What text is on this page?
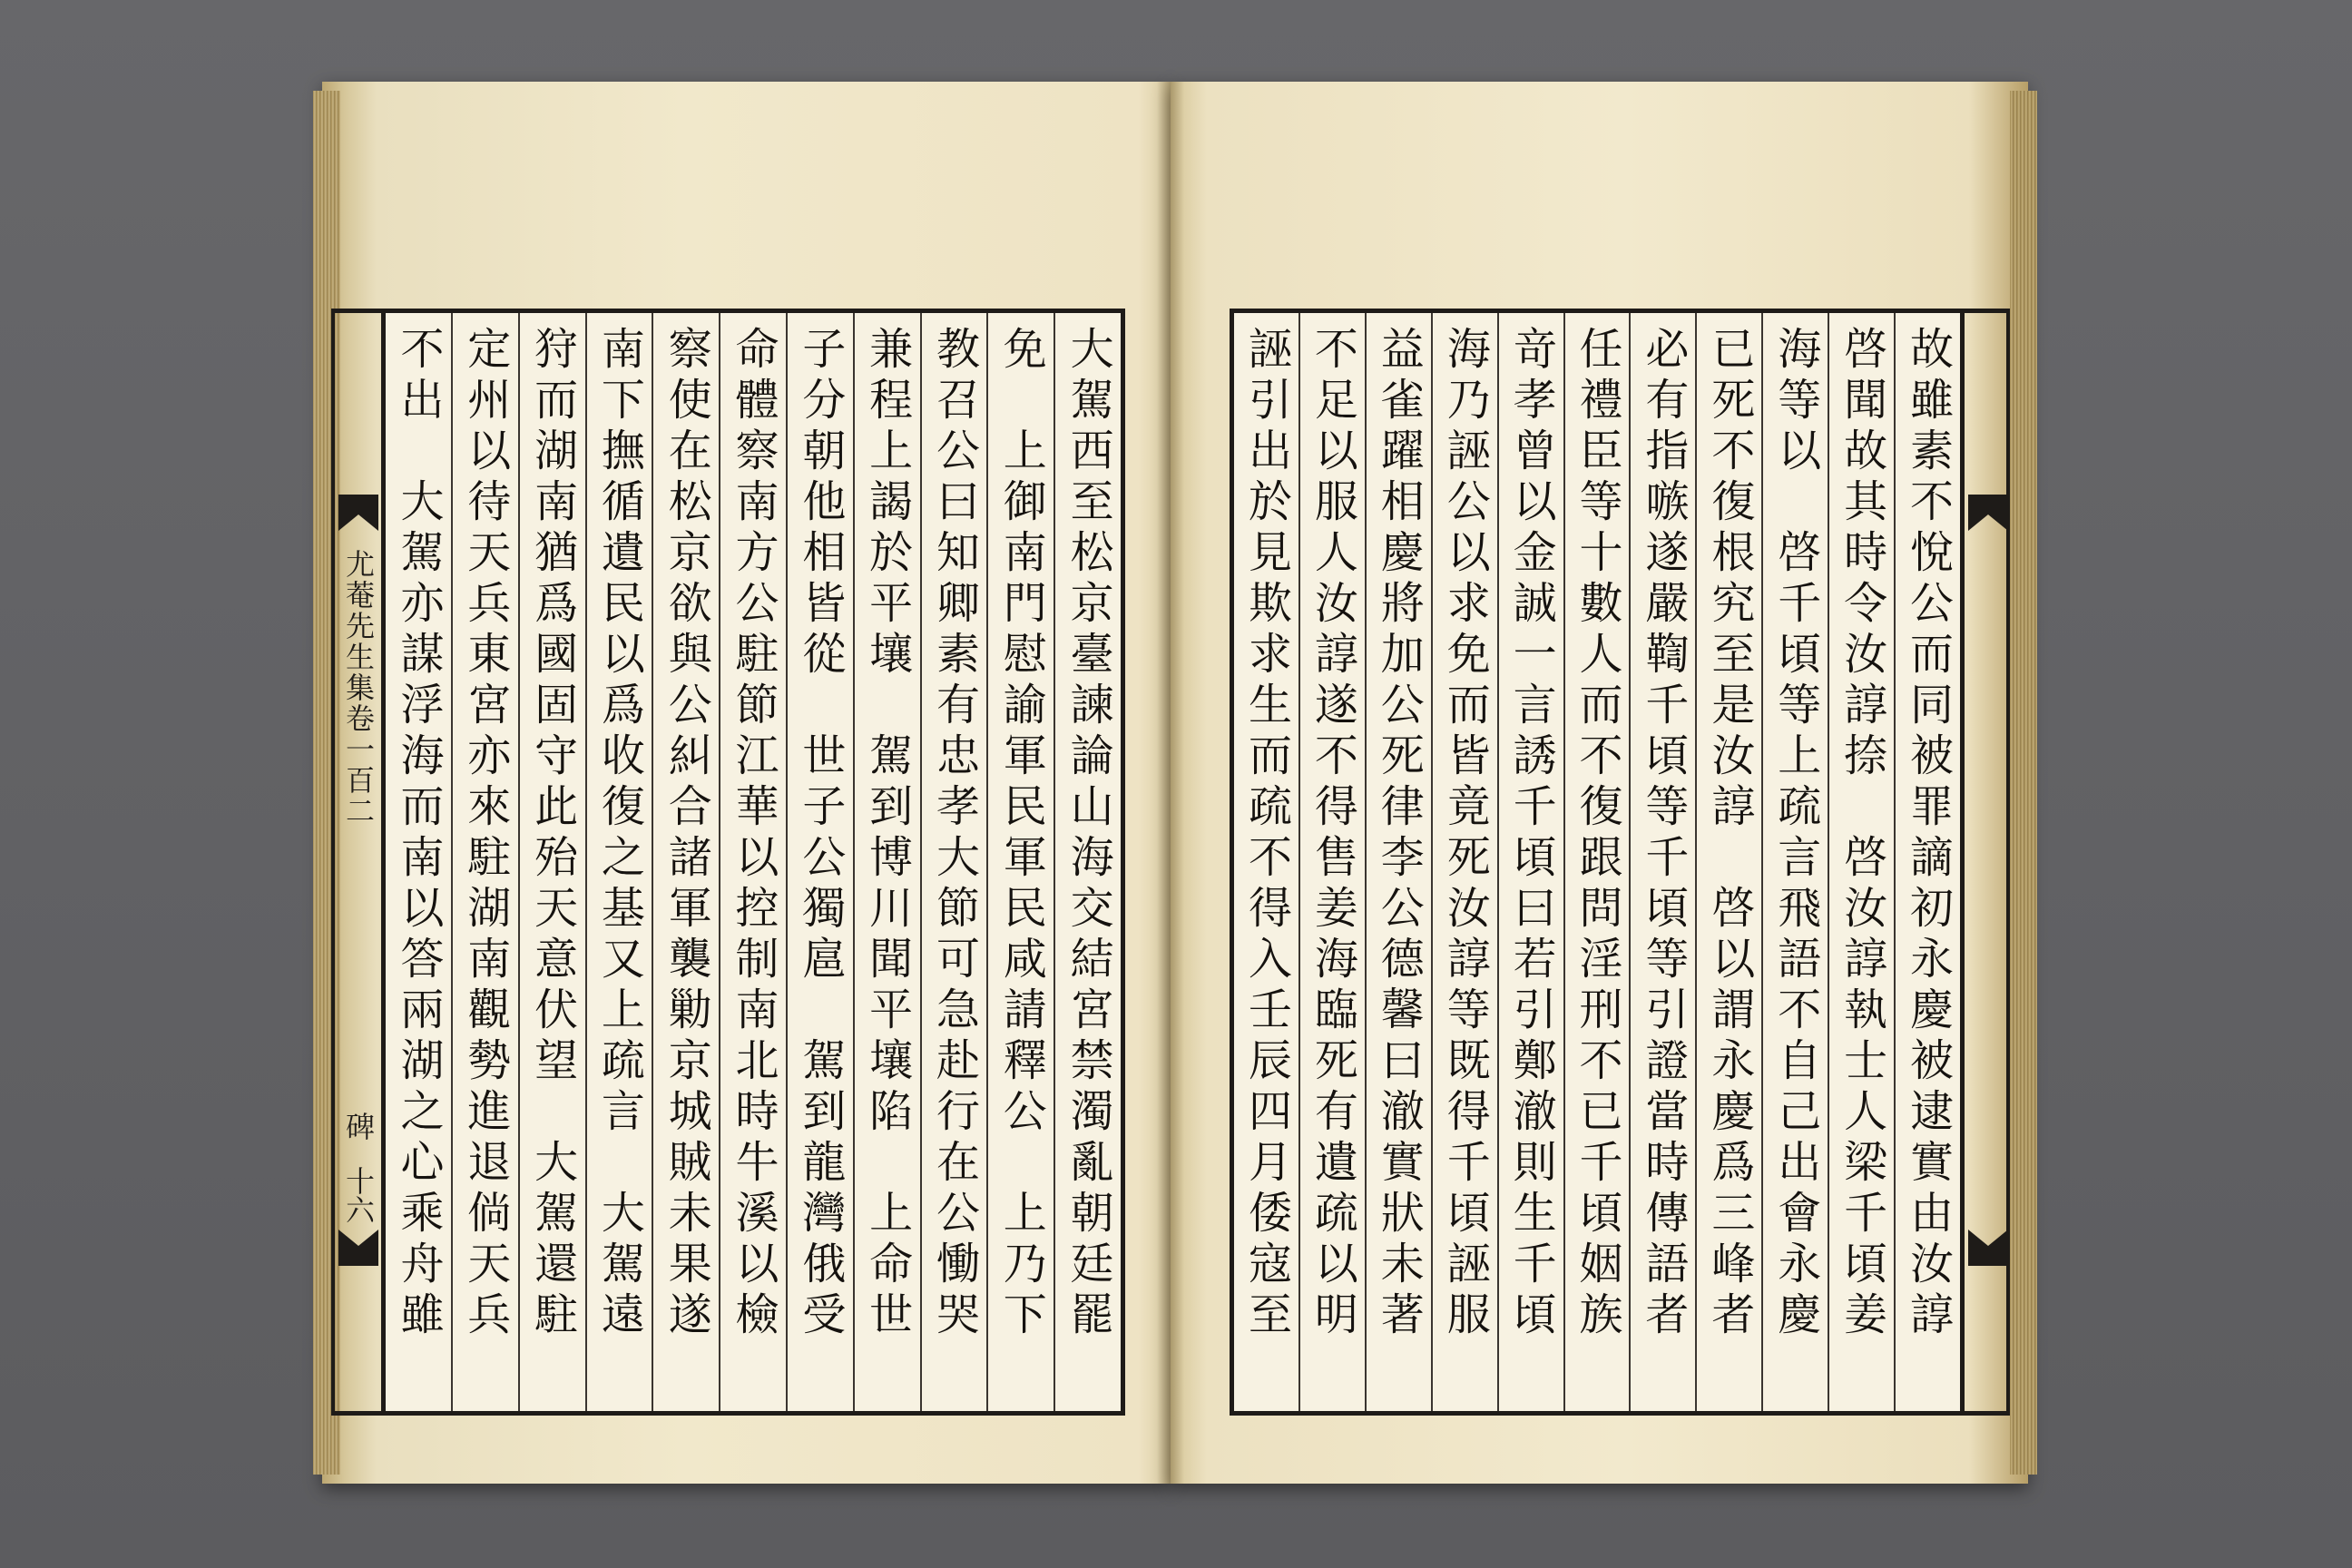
尤菴先生集卷一百二
碑
十六	大駕西至松京臺諫論山海交結宮禁濁亂朝廷罷
免　上御南門慰諭軍民軍民咸請釋公　上乃下
教召公曰知卿素有忠孝大節可急赴行在公慟哭
兼程上謁於平壤　駕到博川聞平壤陷　上命世
子分朝他相皆從　世子公獨扈　駕到龍灣俄受
命體察南方公駐節江華以控制南北時牛溪以檢
察使在松京欲與公糾合諸軍襲勦京城賊未果遂
南下撫循遺民以爲收復之基又上疏言　大駕遠
狩而湖南猶爲國固守此殆天意伏望　大駕還駐
定州以待天兵東宮亦來駐湖南觀勢進退倘天兵
不出　大駕亦謀浮海而南以答兩湖之心乘舟雖	故雖素不悅公而同被罪謫初永慶被逮實由汝諄
啓聞故其時令汝諄捺　啓汝諄執士人梁千頃姜
海等以　啓千頃等上疏言飛語不自己出會永慶
已死不復根究至是汝諄　啓以謂永慶爲三峰者
必有指嗾遂嚴鞫千頃等千頃等引證當時傳語者
任禮臣等十數人而不復跟問淫刑不已千頃姻族
竒孝曾以金誠一言誘千頃曰若引鄭澈則生千頃
海乃誣公以求免而皆竟死汝諄等既得千頃誣服
益雀躍相慶將加公死律李公德馨曰澈實狀未著
不足以服人汝諄遂不得售姜海臨死有遺疏以明
誣引出於見欺求生而疏不得入壬辰四月倭寇至
